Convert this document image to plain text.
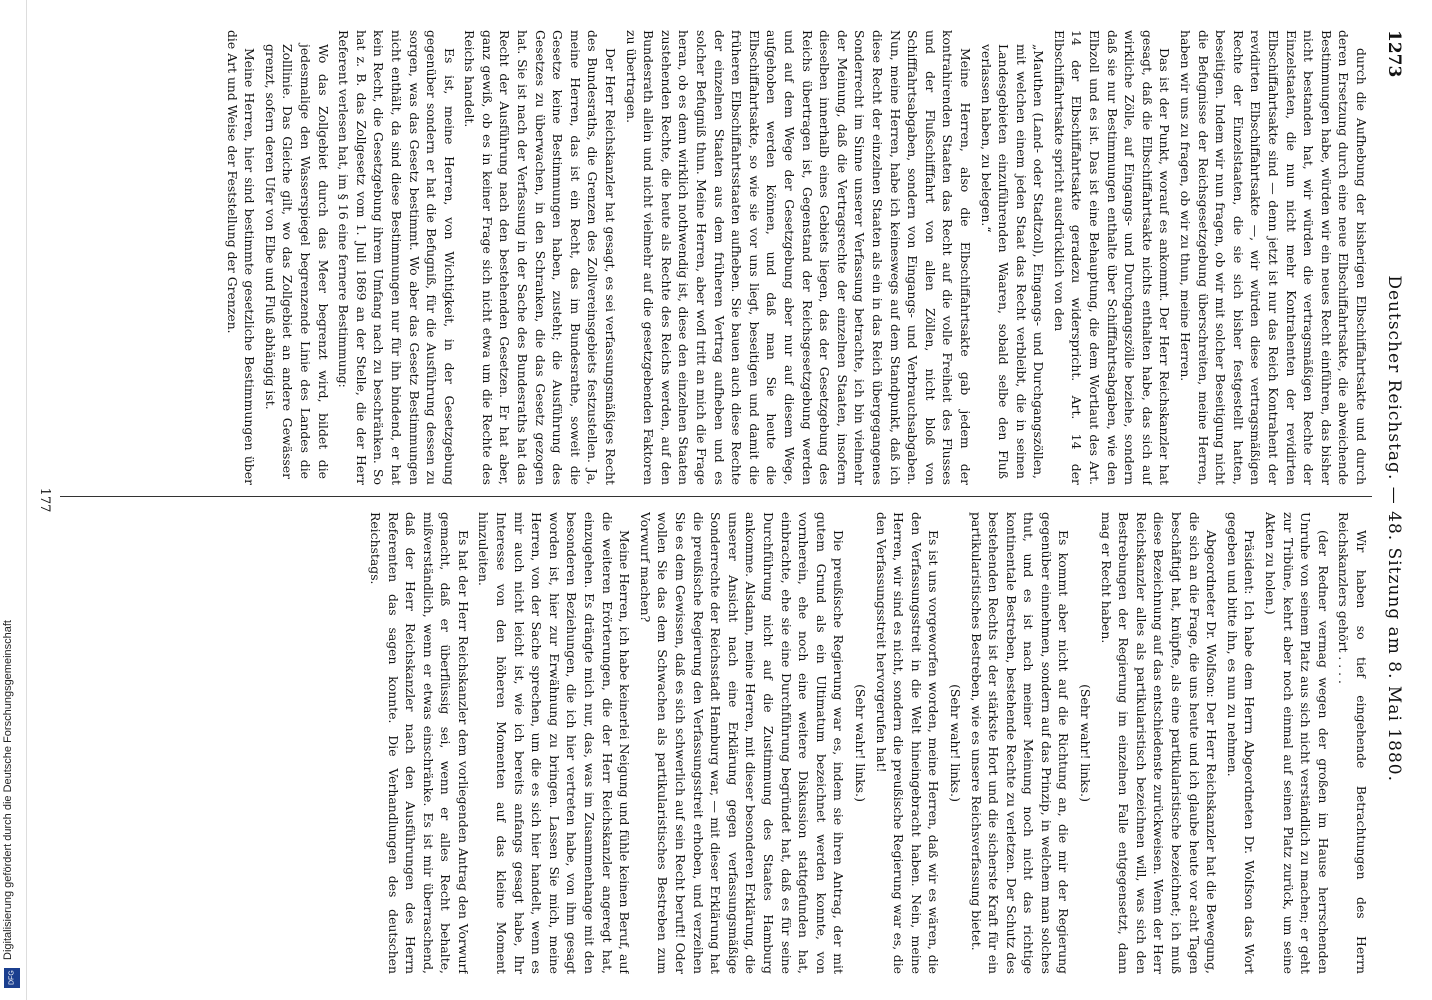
Digitalisierung gefördert durch die Deutsche Forschungsgemeinschaft
DFG
1273
Deutscher Reichstag. — 48. Sitzung am 8. Mai 1880.

durch die Aufhebung der bisherigen Elbschiffahrtsakte und durch deren Ersetzung durch eine neue Elbschiffahrtsakte, die abweichende Bestimmungen habe, würden wir ein neues Recht einführen, das bisher nicht bestanden hat, wir würden die vertragsmäßigen Rechte der Einzelstaaten, die nun nicht mehr Kontrahenten der revidirten Elbschiffahrtsakte sind — denn jetzt ist nur das Reich Kontrahent der revidirten Elbschiffahrtsakte —, wir würden diese vertragsmäßigen Rechte der Einzelstaaten, die sie sich bisher festgestellt hatten, beseitigen. Indem wir nun fragen, ob wir mit solcher Beseitigung nicht die Befugnisse der Reichsgesetzgebung überschreiten, meine Herren, haben wir uns zu fragen, ob wir zu thun, meine Herren.

Das ist der Punkt, worauf es ankommt. Der Herr Reichskanzler hat gesagt, daß die Elbschiffahrtsakte nichts enthalten habe, das sich auf wirkliche Zölle, auf Eingangs- und Durchgangszölle beziehe, sondern daß sie nur Bestimmungen enthalte über Schifffahrtsabgaben, wie den Elbzoll und es ist. Das ist eine Behauptung, die dem Wortlaut des Art. 14 der Elbschiffahrtsakte geradezu widerspricht. Art. 14 der Elbschiffahrtsakte spricht ausdrücklich von den

„Mauthen (Land- oder Stadtzoll), Eingangs- und Durchgangszöllen, mit welchen einem jeden Staat das Recht verbleibt, die in seinen Landesgebieten einzuführenden Waaren, sobald selbe den Fluß verlassen haben, zu belegen.“

Meine Herren, also die Elbschiffahrtsakte gab jedem der kontrahirenden Staaten das Recht auf die volle Freiheit des Flusses und der Flußschifffahrt von allen Zöllen, nicht bloß von Schifffahrtsabgaben, sondern von Eingangs- und Verbrauchsabgaben. Nun, meine Herren, habe ich keineswegs auf dem Standpunkt, daß ich diese Recht der einzelnen Staaten als ein in das Reich übergegangenes Sonderrecht im Sinne unserer Verfassung betrachte, ich bin vielmehr der Meinung, daß die Vertragsrechte der einzelnen Staaten, insofern dieselben innerhalb eines Gebiets liegen, das der Gesetzgebung des Reichs übertragen ist, Gegenstand der Reichsgesetzgebung werden und auf dem Wege der Gesetzgebung aber nur auf diesem Wege, aufgehoben werden können, und daß man Sie heute die Elbschiffahrtsakte, so wie sie vor uns liegt, beseitigen und damit die früheren Elbschiffahrtsstaaten aufheben. Sie bauen auch diese Rechte der einzelnen Staaten aus dem früheren Vertrag aufheben und es solcher Befugniß thun. Meine Herren, aber wofl tritt an mich die Frage heran, ob es denn wirklich nothwendig ist, diese den einzelnen Staaten zustehenden Rechte, die heute als Rechte des Reichs werden, auf den Bundesrath allein und nicht vielmehr auf die gesetzgebenden Faktoren zu übertragen.

Der Herr Reichskanzler hat gesagt, es sei verfassungsmäßiges Recht des Bundesraths, die Grenzen des Zollvereinsgebiets festzustellen. Ja, meine Herren, das ist ein Recht, das im Bundesrathe, soweit die Gesetze keine Bestimmungen haben, zusteht; die Ausführung des Gesetzes zu überwachen, in den Schranken, die das Gesetz gezogen hat. Sie ist nach der Verfassung in der Sache des Bundesraths hat das Recht der Ausführung nach den bestehenden Gesetzen. Er hat aber, ganz gewiß, ob es in keiner Frage sich nicht etwa um die Rechte des Reichs handelt.

Es ist, meine Herren, von Wichtigkeit, in der Gesetzgebung gegenüber sondern er hat die Befugniß, für die Ausführung dessen zu sorgen, was das Gesetz bestimmt. Wo aber das Gesetz Bestimmungen nicht enthält, da sind diese Bestimmungen nur für ihn bindend, er hat kein Recht, die Gesetzgebung ihrem Umfang nach zu beschränken. So hat z. B. das Zollgesetz vom 1. Juli 1869 an der Stelle, die der Herr Referent verlesen hat, im § 16 eine fernere Bestimmung:

Wo das Zollgebiet durch das Meer begrenzt wird, bildet die jedesmalige den Wasserspiegel begrenzende Linie des Landes die Zolllinie. Das Gleiche gilt, wo das Zollgebiet an andere Gewässer grenzt, sofern deren Ufer von Elbe und Fluß abhängig ist.

Meine Herren, hier sind bestimmte gesetzliche Bestimmungen über die Art und Weise der Feststellung der Grenzen.

Wir haben so tief eingehende Betrachtungen des Herrn Reichskanzlers gehört . . . .

(der Redner vermag wegen der großen im Hause herrschenden Unruhe von seinem Platz aus sich nicht verständlich zu machen; er geht zur Tribüne, kehrt aber noch einmal auf seinen Platz zurück, um seine Akten zu holen.)

Präsident: Ich habe dem Herrn Abgeordneten Dr. Wolfson das Wort gegeben und bitte ihn, es nun zu nehmen.

Abgeordneter Dr. Wolfson: Der Herr Reichskanzler hat die Bewegung, die sich an die Frage, die uns heute und ich glaube heute vor acht Tagen beschäftigt hat, knüpfte, als eine partikularistische bezeichnet; ich muß diese Bezeichnung auf das entschiedenste zurückweisen. Wenn der Herr Reichskanzler alles als partikularistisch bezeichnen will, was sich den Bestrebungen der Regierung im einzelnen Falle entgegensetzt, dann mag er Recht haben.

(Sehr wahr! links.)

Es kommt aber nicht auf die Richtung an, die mir der Regierung gegenüber einnehmen, sondern auf das Prinzip, in welchem man solches thut, und es ist nach meiner Meinung noch nicht das richtige kontinentale Bestreben, bestehende Rechte zu verletzen. Der Schutz des bestehenden Rechts ist der stärkste Hort und die sicherste Kraft für ein partikularistisches Bestreben, wie es unsere Reichsverfassung bietet.

(Sehr wahr! links.)

Es ist uns vorgeworfen worden, meine Herren, daß wir es wären, die den Verfassungsstreit in die Welt hineingebracht haben. Nein, meine Herren, wir sind es nicht, sondern die preußische Regierung war es, die den Verfassungsstreit hervorgerufen hat!

(Sehr wahr! links.)

Die preußische Regierung war es, indem sie ihren Antrag, der mit gutem Grund als ein Ultimatum bezeichnet werden konnte, von vornherein, ehe noch eine weitere Diskussion stattgefunden hat, einbrachte, ehe sie eine Durchführung begründet hat, daß es für seine Durchführung nicht auf die Zustimmung des Staates Hamburg ankomme. Alsdann, meine Herren, mit dieser besonderen Erklärung, die unserer Ansicht nach eine Erklärung gegen verfassungsmäßige Sonderrechte der Reichsstadt Hamburg war, — mit dieser Erklärung hat die preußische Regierung den Verfassungsstreit erhoben, und verzeihen Sie es dem Gewissen, daß es sich schwerlich auf sein Recht beruft! Oder wollen Sie das dem Schwachen als partikularistisches Bestreben zum Vorwurf machen?

Meine Herren, ich habe keinerlei Neigung und fühle keinen Beruf, auf die weiteren Erörterungen, die der Herr Reichskanzler angeregt hat, einzugehen. Es drängte mich nur, das, was im Zusammenhange mit den besonderen Beziehungen, die ich hier vertreten habe, von ihm gesagt worden ist, hier zur Erwähnung zu bringen. Lassen Sie mich, meine Herren, von der Sache sprechen, um die es sich hier handelt, wenn es mir auch nicht leicht ist, wie ich bereits anfangs gesagt habe, Ihr Interesse von den höheren Momenten auf das kleine Moment hinzuleiten.

Es hat der Herr Reichskanzler dem vorliegenden Antrag den Vorwurf gemacht, daß er überflüssig sei, wenn er alles Recht behalte, mißverständlich, wenn er etwas einschränke. Es ist mir überraschend, daß der Herr Reichskanzler nach den Ausführungen des Herrn Referenten das sagen konnte. Die Verhandlungen des deutschen Reichstags.

177
